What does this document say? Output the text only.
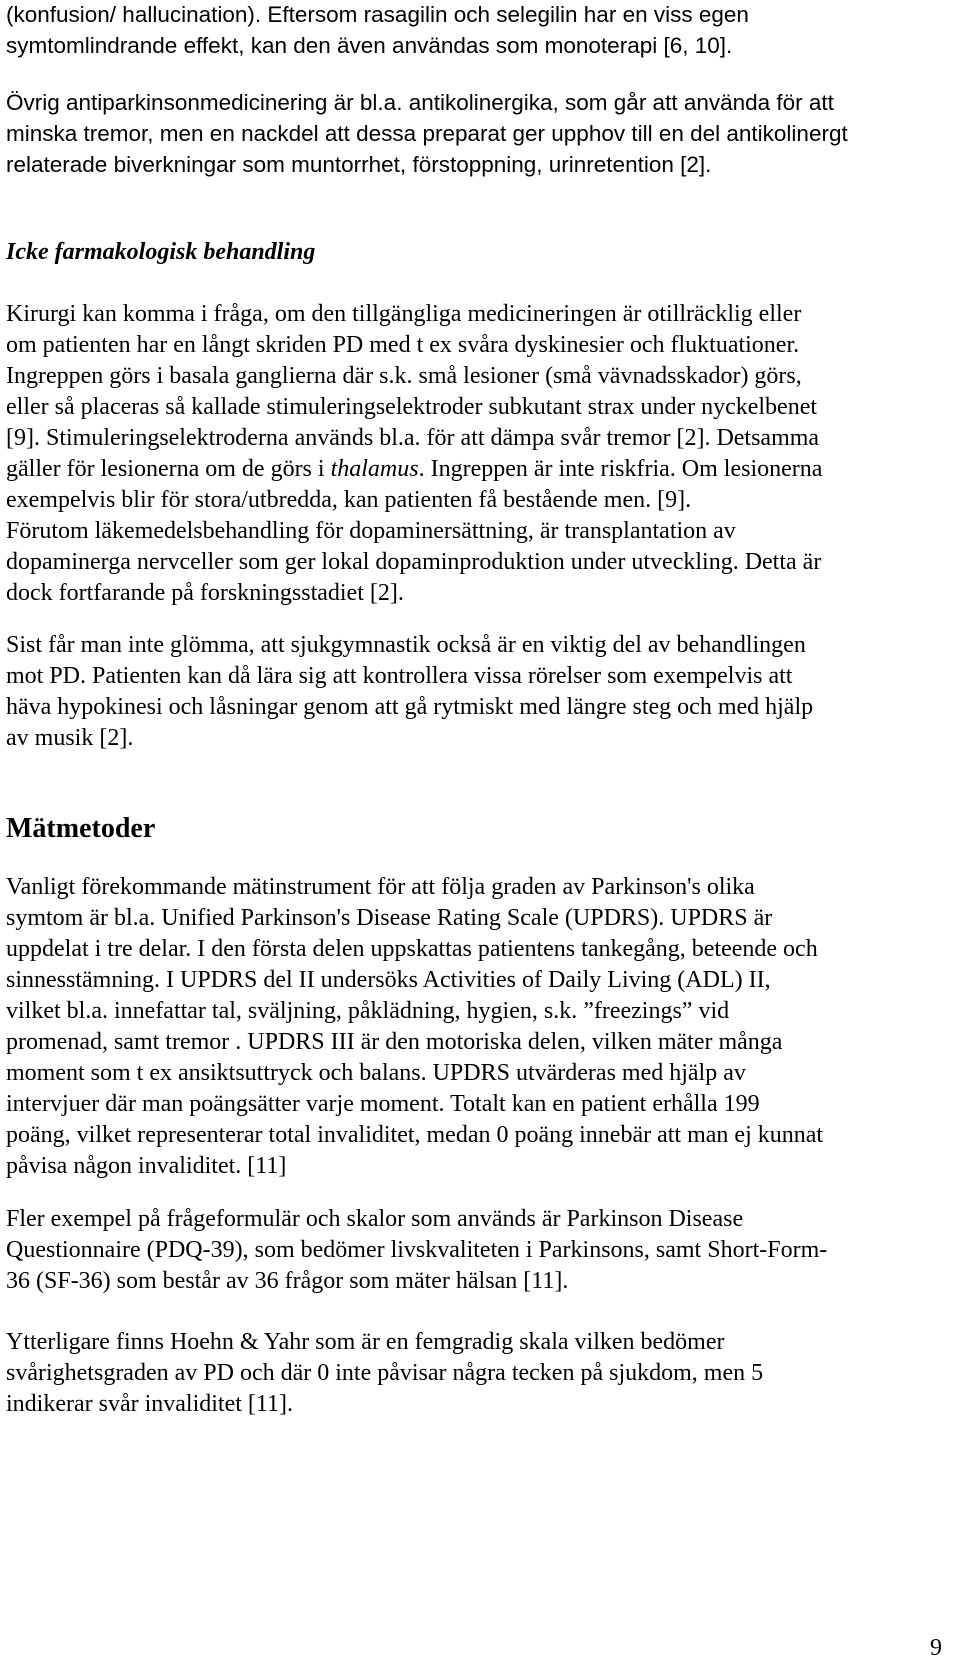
(konfusion/ hallucination). Eftersom rasagilin och selegilin har en viss egen
symtomlindrande effekt, kan den även användas som monoterapi [6, 10].
Övrig antiparkinsonmedicinering är bl.a. antikolinergika, som går att använda för att
minska tremor, men en nackdel att dessa preparat ger upphov till en del antikolinergt
relaterade biverkningar som muntorrhet, förstoppning, urinretention [2].
Icke farmakologisk behandling
Kirurgi kan komma i fråga, om den tillgängliga medicineringen är otillräcklig eller
om patienten har en långt skriden PD med t ex svåra dyskinesier och fluktuationer.
Ingreppen görs i basala ganglierna där s.k. små lesioner (små vävnadsskador) görs,
eller så placeras så kallade stimuleringselektroder subkutant strax under nyckelbenet
[9]. Stimuleringselektroderna används bl.a. för att dämpa svår tremor [2]. Detsamma
gäller för lesionerna om de görs i thalamus. Ingreppen är inte riskfria. Om lesionerna
exempelvis blir för stora/utbredda, kan patienten få bestående men. [9].
Förutom läkemedelsbehandling för dopaminersättning, är transplantation av
dopaminerga nervceller som ger lokal dopaminproduktion under utveckling. Detta är
dock fortfarande på forskningsstadiet [2].
Sist får man inte glömma, att sjukgymnastik också är en viktig del av behandlingen
mot PD. Patienten kan då lära sig att kontrollera vissa rörelser som exempelvis att
häva hypokinesi och låsningar genom att gå rytmiskt med längre steg och med hjälp
av musik [2].
Mätmetoder
Vanligt förekommande mätinstrument för att följa graden av Parkinson's olika
symtom är bl.a. Unified Parkinson's Disease Rating Scale (UPDRS). UPDRS är
uppdelat i tre delar. I den första delen uppskattas patientens tankegång, beteende och
sinnesstämning. I UPDRS del II undersöks Activities of Daily Living (ADL) II,
vilket bl.a. innefattar tal, sväljning, påklädning, hygien, s.k. ”freezings” vid
promenad, samt tremor . UPDRS III är den motoriska delen, vilken mäter många
moment som t ex ansiktsuttryck och balans. UPDRS utvärderas med hjälp av
intervjuer där man poängsätter varje moment. Totalt kan en patient erhålla 199
poäng, vilket representerar total invaliditet, medan 0 poäng innebär att man ej kunnat
påvisa någon invaliditet. [11]
Fler exempel på frågeformulär och skalor som används är Parkinson Disease
Questionnaire (PDQ-39), som bedömer livskvaliteten i Parkinsons, samt Short-Form-
36 (SF-36) som består av 36 frågor som mäter hälsan [11].
Ytterligare finns Hoehn & Yahr som är en femgradig skala vilken bedömer
svårighetsgraden av PD och där 0 inte påvisar några tecken på sjukdom, men 5
indikerar svår invaliditet [11].
9
